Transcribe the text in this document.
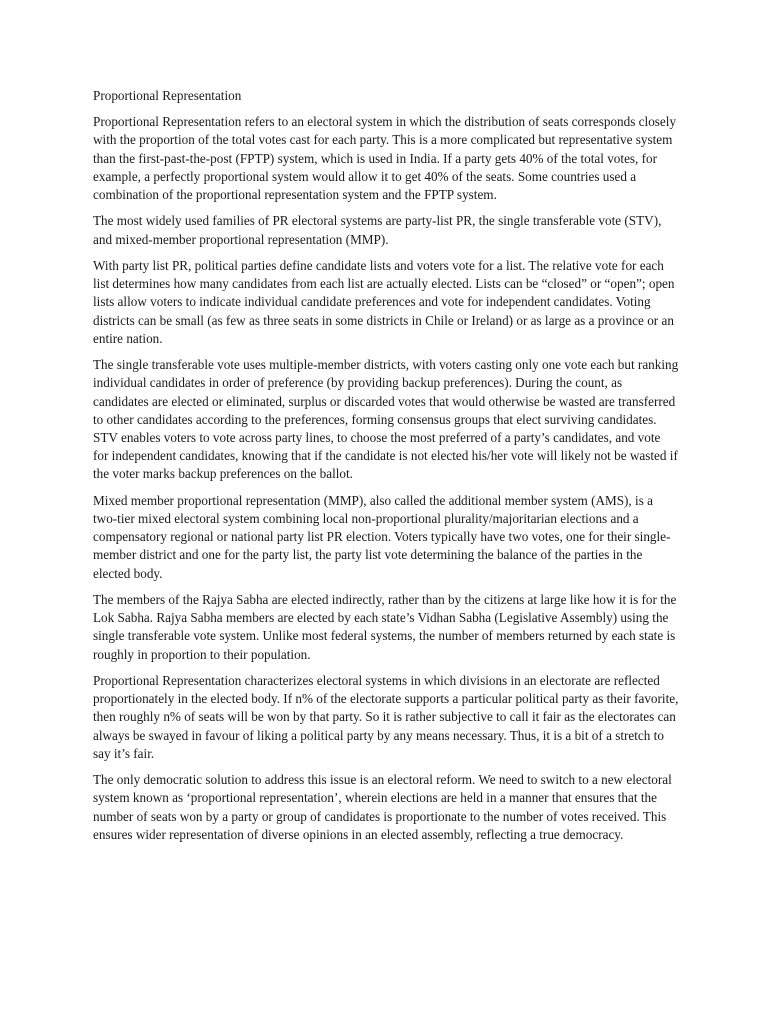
Proportional Representation

Proportional Representation refers to an electoral system in which the distribution of seats corresponds closely with the proportion of the total votes cast for each party. This is a more complicated but representative system than the first-past-the-post (FPTP) system, which is used in India. If a party gets 40% of the total votes, for example, a perfectly proportional system would allow it to get 40% of the seats. Some countries used a combination of the proportional representation system and the FPTP system.

The most widely used families of PR electoral systems are party-list PR, the single transferable vote (STV), and mixed-member proportional representation (MMP).

With party list PR, political parties define candidate lists and voters vote for a list. The relative vote for each list determines how many candidates from each list are actually elected. Lists can be “closed” or “open”; open lists allow voters to indicate individual candidate preferences and vote for independent candidates. Voting districts can be small (as few as three seats in some districts in Chile or Ireland) or as large as a province or an entire nation.

The single transferable vote uses multiple-member districts, with voters casting only one vote each but ranking individual candidates in order of preference (by providing backup preferences). During the count, as candidates are elected or eliminated, surplus or discarded votes that would otherwise be wasted are transferred to other candidates according to the preferences, forming consensus groups that elect surviving candidates. STV enables voters to vote across party lines, to choose the most preferred of a party’s candidates, and vote for independent candidates, knowing that if the candidate is not elected his/her vote will likely not be wasted if the voter marks backup preferences on the ballot.

Mixed member proportional representation (MMP), also called the additional member system (AMS), is a two-tier mixed electoral system combining local non-proportional plurality/majoritarian elections and a compensatory regional or national party list PR election. Voters typically have two votes, one for their single-member district and one for the party list, the party list vote determining the balance of the parties in the elected body.

The members of the Rajya Sabha are elected indirectly, rather than by the citizens at large like how it is for the Lok Sabha. Rajya Sabha members are elected by each state’s Vidhan Sabha (Legislative Assembly) using the single transferable vote system. Unlike most federal systems, the number of members returned by each state is roughly in proportion to their population.

Proportional Representation characterizes electoral systems in which divisions in an electorate are reflected proportionately in the elected body. If n% of the electorate supports a particular political party as their favorite, then roughly n% of seats will be won by that party. So it is rather subjective to call it fair as the electorates can always be swayed in favour of liking a political party by any means necessary. Thus, it is a bit of a stretch to say it’s fair.

The only democratic solution to address this issue is an electoral reform. We need to switch to a new electoral system known as ‘proportional representation’, wherein elections are held in a manner that ensures that the number of seats won by a party or group of candidates is proportionate to the number of votes received. This ensures wider representation of diverse opinions in an elected assembly, reflecting a true democracy.
